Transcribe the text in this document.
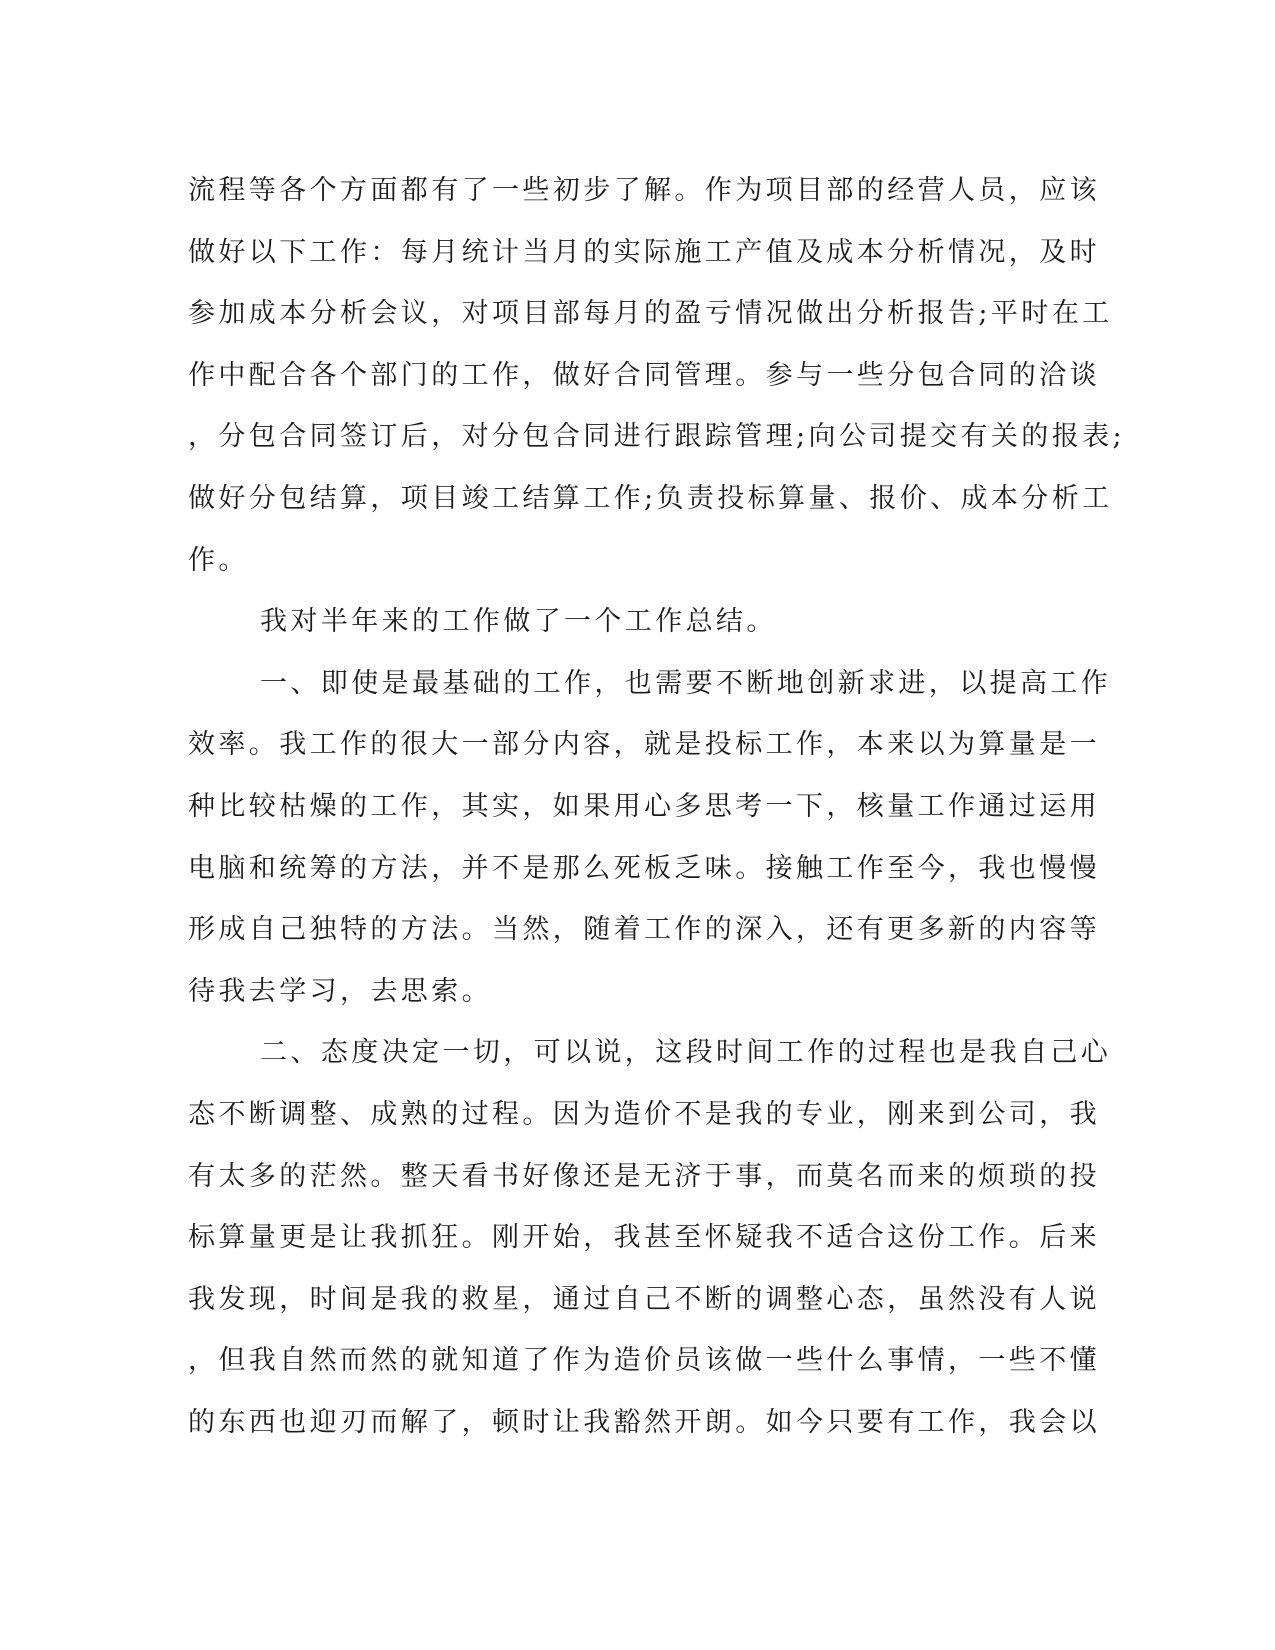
流程等各个方面都有了一些初步了解。作为项目部的经营人员，应该
做好以下工作：每月统计当月的实际施工产值及成本分析情况，及时
参加成本分析会议，对项目部每月的盈亏情况做出分析报告;平时在工
作中配合各个部门的工作，做好合同管理。参与一些分包合同的洽谈
，分包合同签订后，对分包合同进行跟踪管理;向公司提交有关的报表;
做好分包结算，项目竣工结算工作;负责投标算量、报价、成本分析工
作。
我对半年来的工作做了一个工作总结。
一、即使是最基础的工作，也需要不断地创新求进，以提高工作
效率。我工作的很大一部分内容，就是投标工作，本来以为算量是一
种比较枯燥的工作，其实，如果用心多思考一下，核量工作通过运用
电脑和统筹的方法，并不是那么死板乏味。接触工作至今，我也慢慢
形成自己独特的方法。当然，随着工作的深入，还有更多新的内容等
待我去学习，去思索。
二、态度决定一切，可以说，这段时间工作的过程也是我自己心
态不断调整、成熟的过程。因为造价不是我的专业，刚来到公司，我
有太多的茫然。整天看书好像还是无济于事，而莫名而来的烦琐的投
标算量更是让我抓狂。刚开始，我甚至怀疑我不适合这份工作。后来
我发现，时间是我的救星，通过自己不断的调整心态，虽然没有人说
，但我自然而然的就知道了作为造价员该做一些什么事情，一些不懂
的东西也迎刃而解了，顿时让我豁然开朗。如今只要有工作，我会以
